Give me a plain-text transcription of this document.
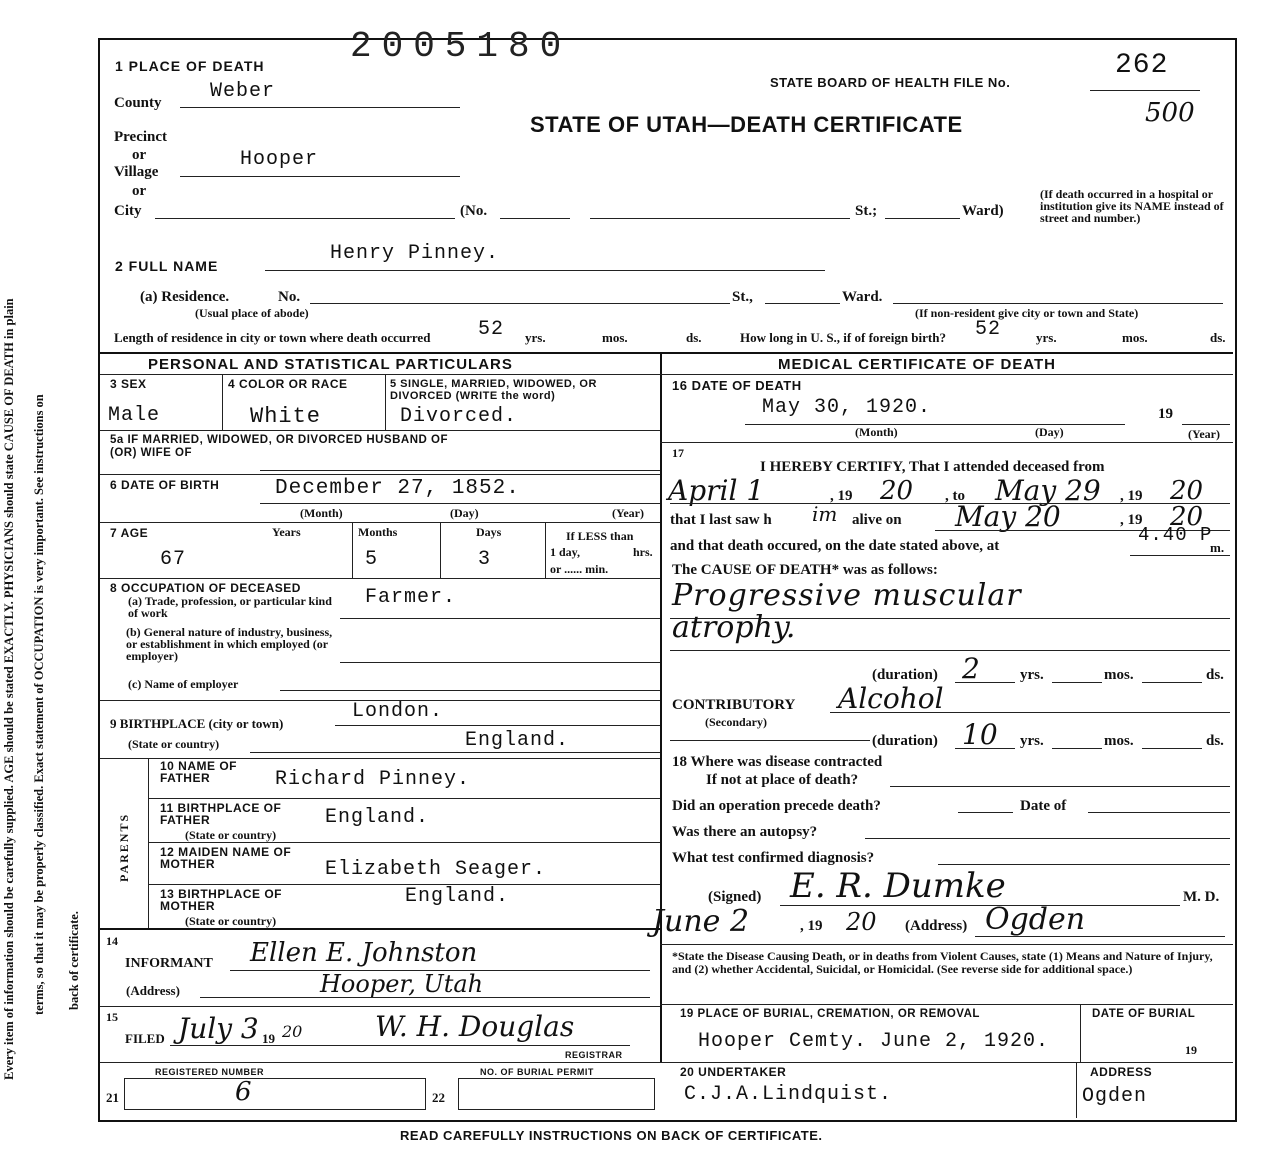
Every item of information should be carefully supplied. AGE should be stated EXACTLY. PHYSICIANS should state CAUSE OF DEATH in plain terms, so that it may be properly classified. Exact statement of OCCUPATION is very important. See instructions on back of certificate.
2005180
1 PLACE OF DEATH
County Weber
Precinct
or
Village
Hooper
or
City	(No.	St.;	Ward)
(If death occurred in a hospital or institution give its NAME instead of street and number.)
STATE BOARD OF HEALTH FILE No.
262
500
STATE OF UTAH—DEATH CERTIFICATE
2 FULL NAME
Henry Pinney.
(a) Residence.	No.	St.,	Ward.
(Usual place of abode)	(If non-resident give city or town and State)
Length of residence in city or town where death occurred 52 yrs.	mos.	ds.	How long in U. S., if of foreign birth? 52	yrs.	mos.	ds.
PERSONAL AND STATISTICAL PARTICULARS
3 SEX
Male
4 COLOR OR RACE
White
5 SINGLE, MARRIED, WIDOWED, OR DIVORCED (WRITE the word)
Divorced.
5a IF MARRIED, WIDOWED, OR DIVORCED HUSBAND OF (OR) WIFE OF
6 DATE OF BIRTH	December 27, 1852.
(Month)	(Day)	(Year)
7 AGE	Years	Months	Days	If LESS than
1 day,	hrs.
or ...... min.
67	5	3
8 OCCUPATION OF DECEASED
(a) Trade, profession, or particular kind of work
Farmer.
(b) General nature of industry, business, or establishment in which employed (or employer)
(c) Name of employer
9 BIRTHPLACE (city or town)
(State or country)
London.
England.
PARENTS
10 NAME OF FATHER	Richard Pinney.
11 BIRTHPLACE OF FATHER
(State or country)
England.
12 MAIDEN NAME OF MOTHER	Elizabeth Seager.
13 BIRTHPLACE OF MOTHER
(State or country)
England.
14
INFORMANT Ellen E. Johnston
(Address)	Hooper, Utah
15
FILED July 3 19 20	W. H. Douglas
REGISTRAR
REGISTERED NUMBER	NO. OF BURIAL PERMIT
21	6	22
MEDICAL CERTIFICATE OF DEATH
16 DATE OF DEATH
May 30, 1920.	19
(Month)	(Day)	(Year)
17
I HEREBY CERTIFY, That I attended deceased from
April 1	, 19 20 , to May 29 , 19 20
that I last saw h im alive on May 20	, 19 20
and that death occured, on the date stated above, at	4.40 P
m.
The CAUSE OF DEATH* was as follows:
Progressive muscular
atrophy.
(duration) 2	yrs.	mos.	ds.
CONTRIBUTORY Alcohol
(Secondary)
(duration) 10 yrs.	mos.	ds.
18 Where was disease contracted
If not at place of death?
Did an operation precede death?	Date of
Was there an autopsy?
What test confirmed diagnosis?
(Signed) E. R. Dumke	M. D.
June 2	, 19 20 (Address) Ogden
*State the Disease Causing Death, or in deaths from Violent Causes, state (1) Means and Nature of Injury, and (2) whether Accidental, Suicidal, or Homicidal. (See reverse side for additional space.)
19 PLACE OF BURIAL, CREMATION, OR REMOVAL
Hooper Cemty. June 2, 1920.	19
DATE OF BURIAL
20 UNDERTAKER
C.J.A.Lindquist.
ADDRESS
Ogden
READ CAREFULLY INSTRUCTIONS ON BACK OF CERTIFICATE.
